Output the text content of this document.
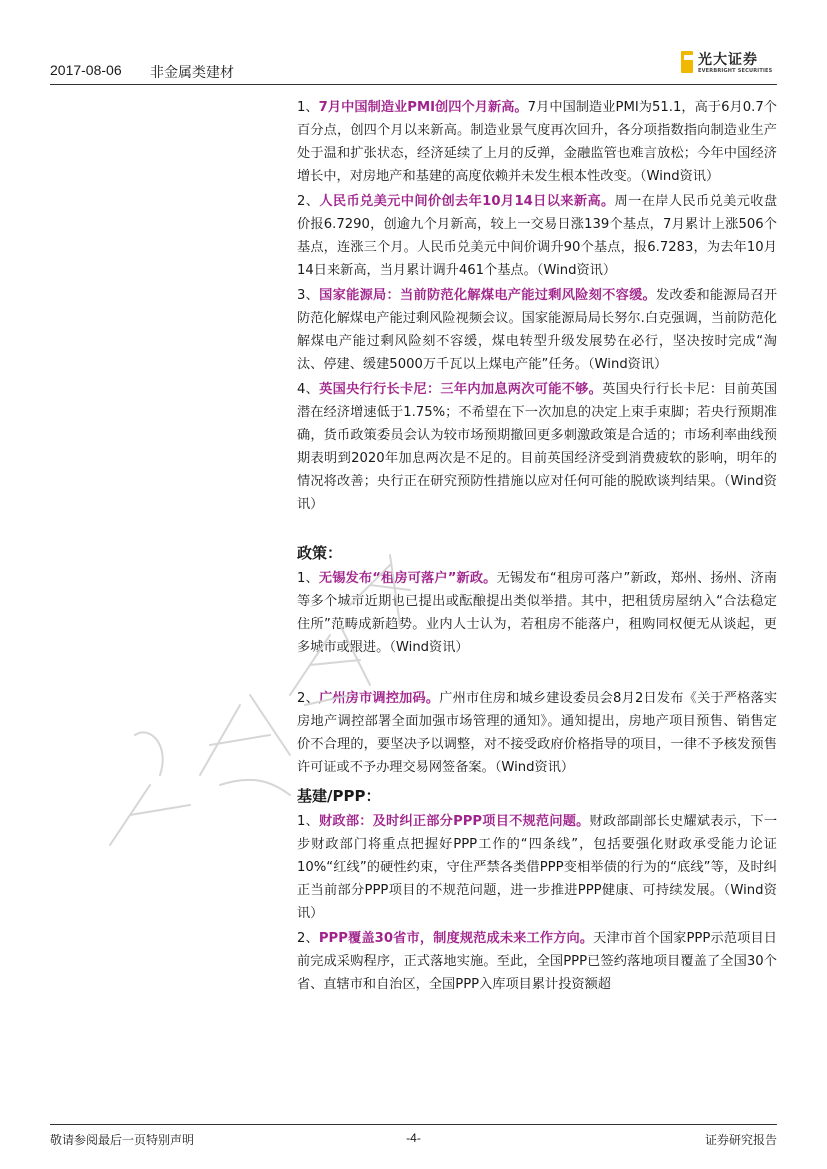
2017-08-06 非金属类建材
光大证券
EVERBRIGHT SECURITIES

1、7月中国制造业PMI创四个月新高。7月中国制造业PMI为51.1，高于6月0.7个百分点，创四个月以来新高。制造业景气度再次回升，各分项指数指向制造业生产处于温和扩张状态，经济延续了上月的反弹，金融监管也难言放松；今年中国经济增长中，对房地产和基建的高度依赖并未发生根本性改变。（Wind资讯）

2、人民币兑美元中间价创去年10月14日以来新高。周一在岸人民币兑美元收盘价报6.7290，创逾九个月新高，较上一交易日涨139个基点，7月累计上涨506个基点，连涨三个月。人民币兑美元中间价调升90个基点，报6.7283，为去年10月14日来新高，当月累计调升461个基点。（Wind资讯）

3、国家能源局：当前防范化解煤电产能过剩风险刻不容缓。发改委和能源局召开防范化解煤电产能过剩风险视频会议。国家能源局局长努尔.白克强调，当前防范化解煤电产能过剩风险刻不容缓，煤电转型升级发展势在必行，坚决按时完成“淘汰、停建、缓建5000万千瓦以上煤电产能”任务。（Wind资讯）

4、英国央行行长卡尼：三年内加息两次可能不够。英国央行行长卡尼：目前英国潜在经济增速低于1.75%；不希望在下一次加息的决定上束手束脚；若央行预期准确，货币政策委员会认为较市场预期撤回更多刺激政策是合适的；市场利率曲线预期表明到2020年加息两次是不足的。目前英国经济受到消费疲软的影响，明年的情况将改善；央行正在研究预防性措施以应对任何可能的脱欧谈判结果。（Wind资讯）

政策：

1、无锡发布“租房可落户”新政。无锡发布“租房可落户”新政，郑州、扬州、济南等多个城市近期也已提出或酝酿提出类似举措。其中，把租赁房屋纳入“合法稳定住所”范畴成新趋势。业内人士认为，若租房不能落户，租购同权便无从谈起，更多城市或跟进。（Wind资讯）

2、广州房市调控加码。广州市住房和城乡建设委员会8月2日发布《关于严格落实房地产调控部署全面加强市场管理的通知》。通知提出，房地产项目预售、销售定价不合理的，要坚决予以调整，对不接受政府价格指导的项目，一律不予核发预售许可证或不予办理交易网签备案。（Wind资讯）

基建/PPP：

1、财政部：及时纠正部分PPP项目不规范问题。财政部副部长史耀斌表示，下一步财政部门将重点把握好PPP工作的“四条线”，包括要强化财政承受能力论证10%“红线”的硬性约束，守住严禁各类借PPP变相举债的行为的“底线”等，及时纠正当前部分PPP项目的不规范问题，进一步推进PPP健康、可持续发展。（Wind资讯）

2、PPP覆盖30省市，制度规范成未来工作方向。天津市首个国家PPP示范项目日前完成采购程序，正式落地实施。至此，全国PPP已签约落地项目覆盖了全国30个省、直辖市和自治区，全国PPP入库项目累计投资额超

敬请参阅最后一页特别声明	-4-	证券研究报告
